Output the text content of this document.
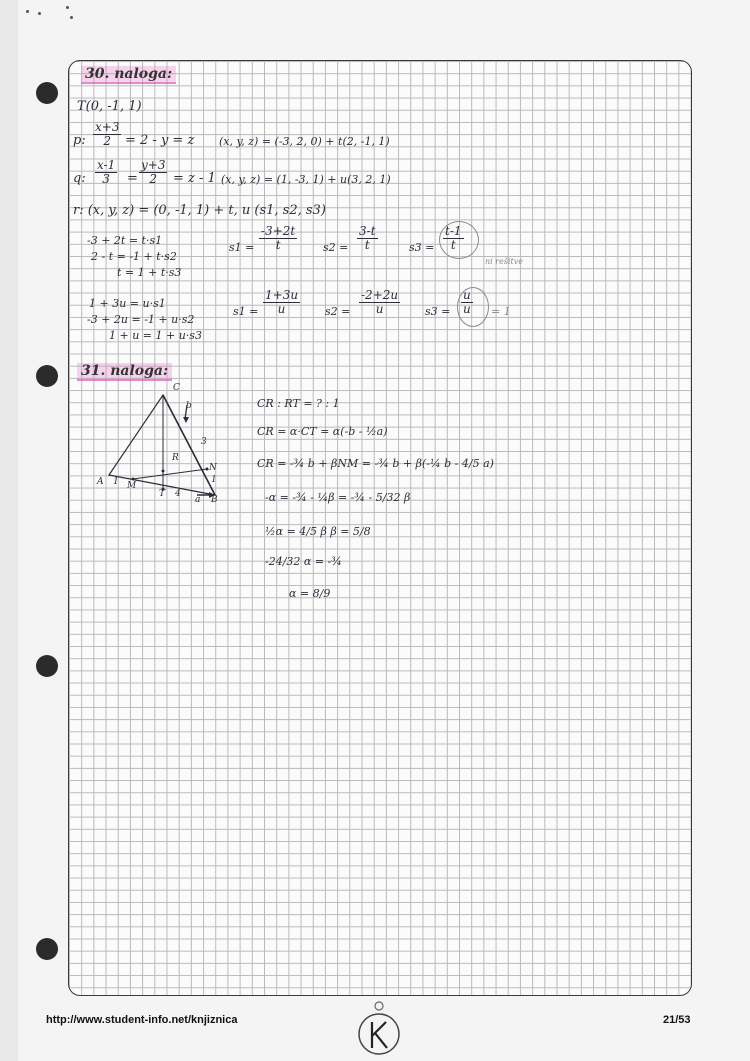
30. naloga:
T(0, -1, 1)
p: $\frac{x+3}{2} = 2 - y = z$ (x, y, z) = (-3, 2, 0) + t(2, -1, 1)
q: $\frac{x-1}{3} = \frac{y+3}{2} = z - 1$ (x, y, z) = (1, -3, 1) + u(3, 2, 1)
r: (x, y, z) = (0, -1, 1) + t, u (s1, s2, s3)
-3 + 2t = t·s1
2 - t = -1 + t·s2
t = 1 + t·s3
$s1 = \frac{-3+2t}{t} s2 = \frac{3-t}{t}$	$s3 = \frac{t-1}{t}$
ni rešitve
1 + 3u = u·s1
-3 + 2u = -1 + u·s2
1 + u = 1 + u·s3
$s1 = \frac{1+3u}{u} s2 = \frac{-2+2u}{u} s3 = \frac{u}{u} = 1$
31. naloga:
C
b
3
R
N
1
A 1 M
T 4
a B
CR : RT = ? : 1
CR = α·CT = α(-b - ½a)
CR = -¾ b + βNM = -¾ b + β(-¼ b - 4/5 a)
-α = -¾ - ¼β = -¾ - 5/32 β
½α = 4/5 β β = 5/8
-24/32 α = -¾
α = 8/9
http://www.student-info.net/knjiznica	21/53
